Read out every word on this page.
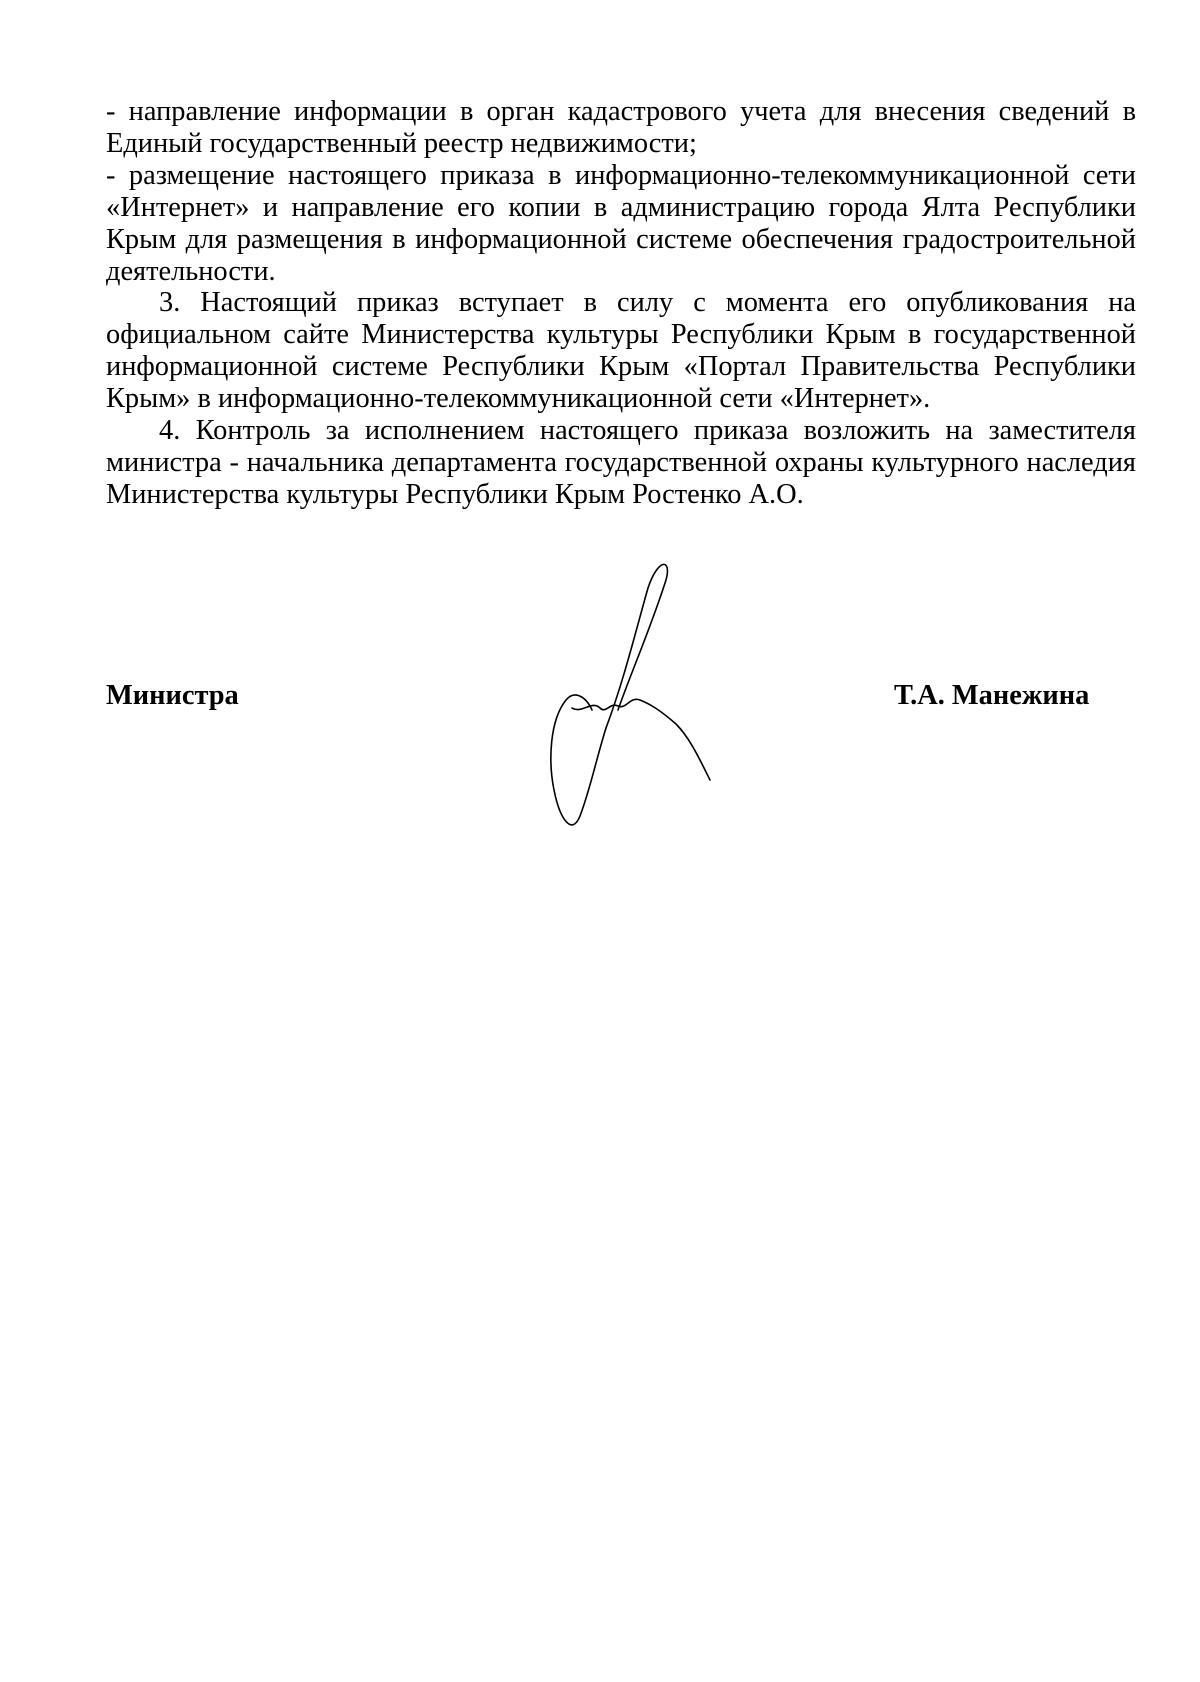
- направление информации в орган кадастрового учета для внесения сведений в Единый государственный реестр недвижимости;

- размещение настоящего приказа в информационно-телекоммуникационной сети «Интернет» и направление его копии в администрацию города Ялта Республики Крым для размещения в информационной системе обеспечения градостроительной деятельности.

3. Настоящий приказ вступает в силу с момента его опубликования на официальном сайте Министерства культуры Республики Крым в государственной информационной системе Республики Крым «Портал Правительства Республики Крым» в информационно-телекоммуникационной сети «Интернет».

4. Контроль за исполнением настоящего приказа возложить на заместителя министра - начальника департамента государственной охраны культурного наследия Министерства культуры Республики Крым Ростенко А.О.

Министра	Т.А. Манежина
